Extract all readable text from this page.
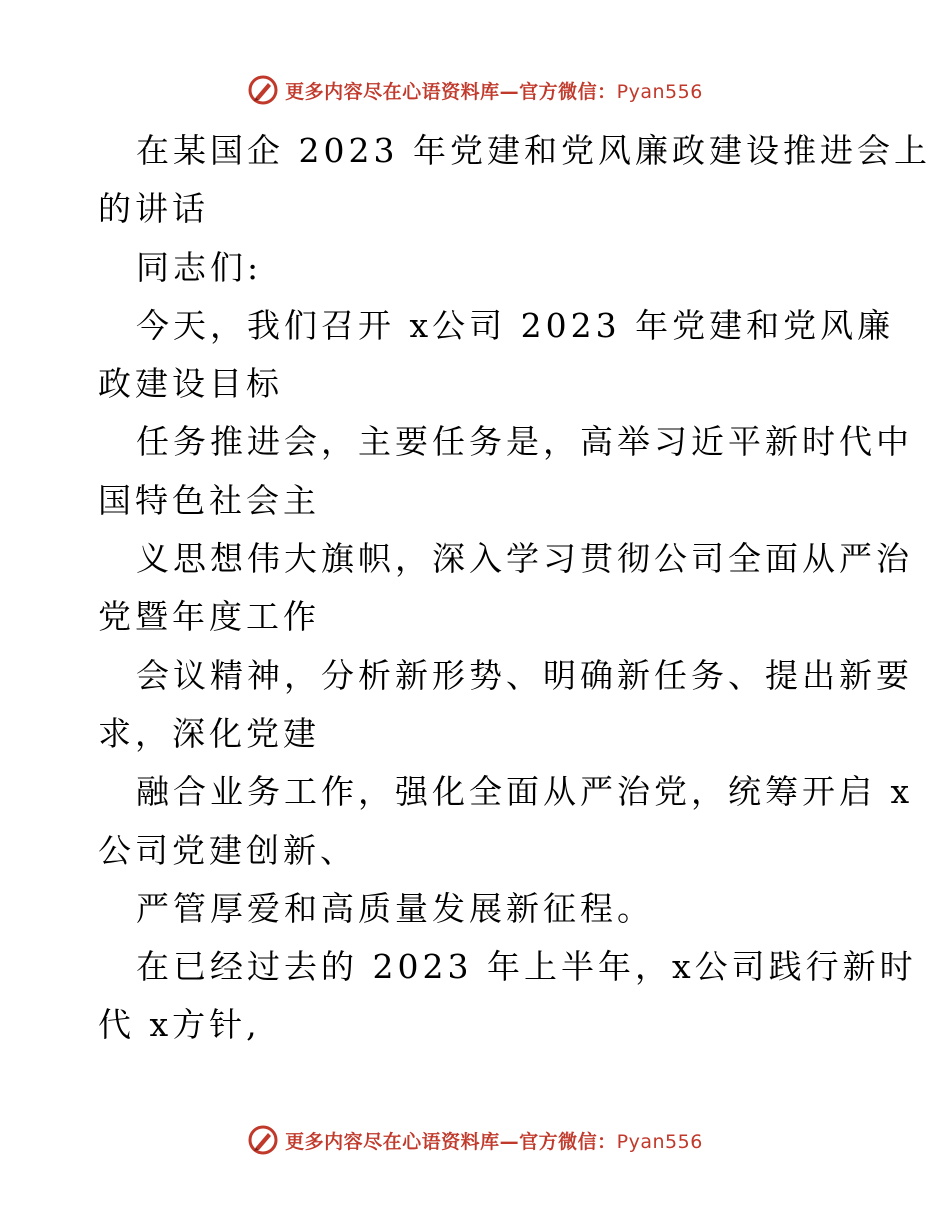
更多内容尽在心语资料库—官方微信：Pyan556
在某国企 2023 年党建和党风廉政建设推进会上
的讲话
同志们:
今天，我们召开 x公司 2023 年党建和党风廉
政建设目标
任务推进会，主要任务是，高举习近平新时代中
国特色社会主
义思想伟大旗帜，深入学习贯彻公司全面从严治
党暨年度工作
会议精神，分析新形势、明确新任务、提出新要
求，深化党建
融合业务工作，强化全面从严治党，统筹开启 x
公司党建创新、
严管厚爱和高质量发展新征程。
在已经过去的 2023 年上半年，x公司践行新时
代 x方针,
更多内容尽在心语资料库—官方微信：Pyan556
